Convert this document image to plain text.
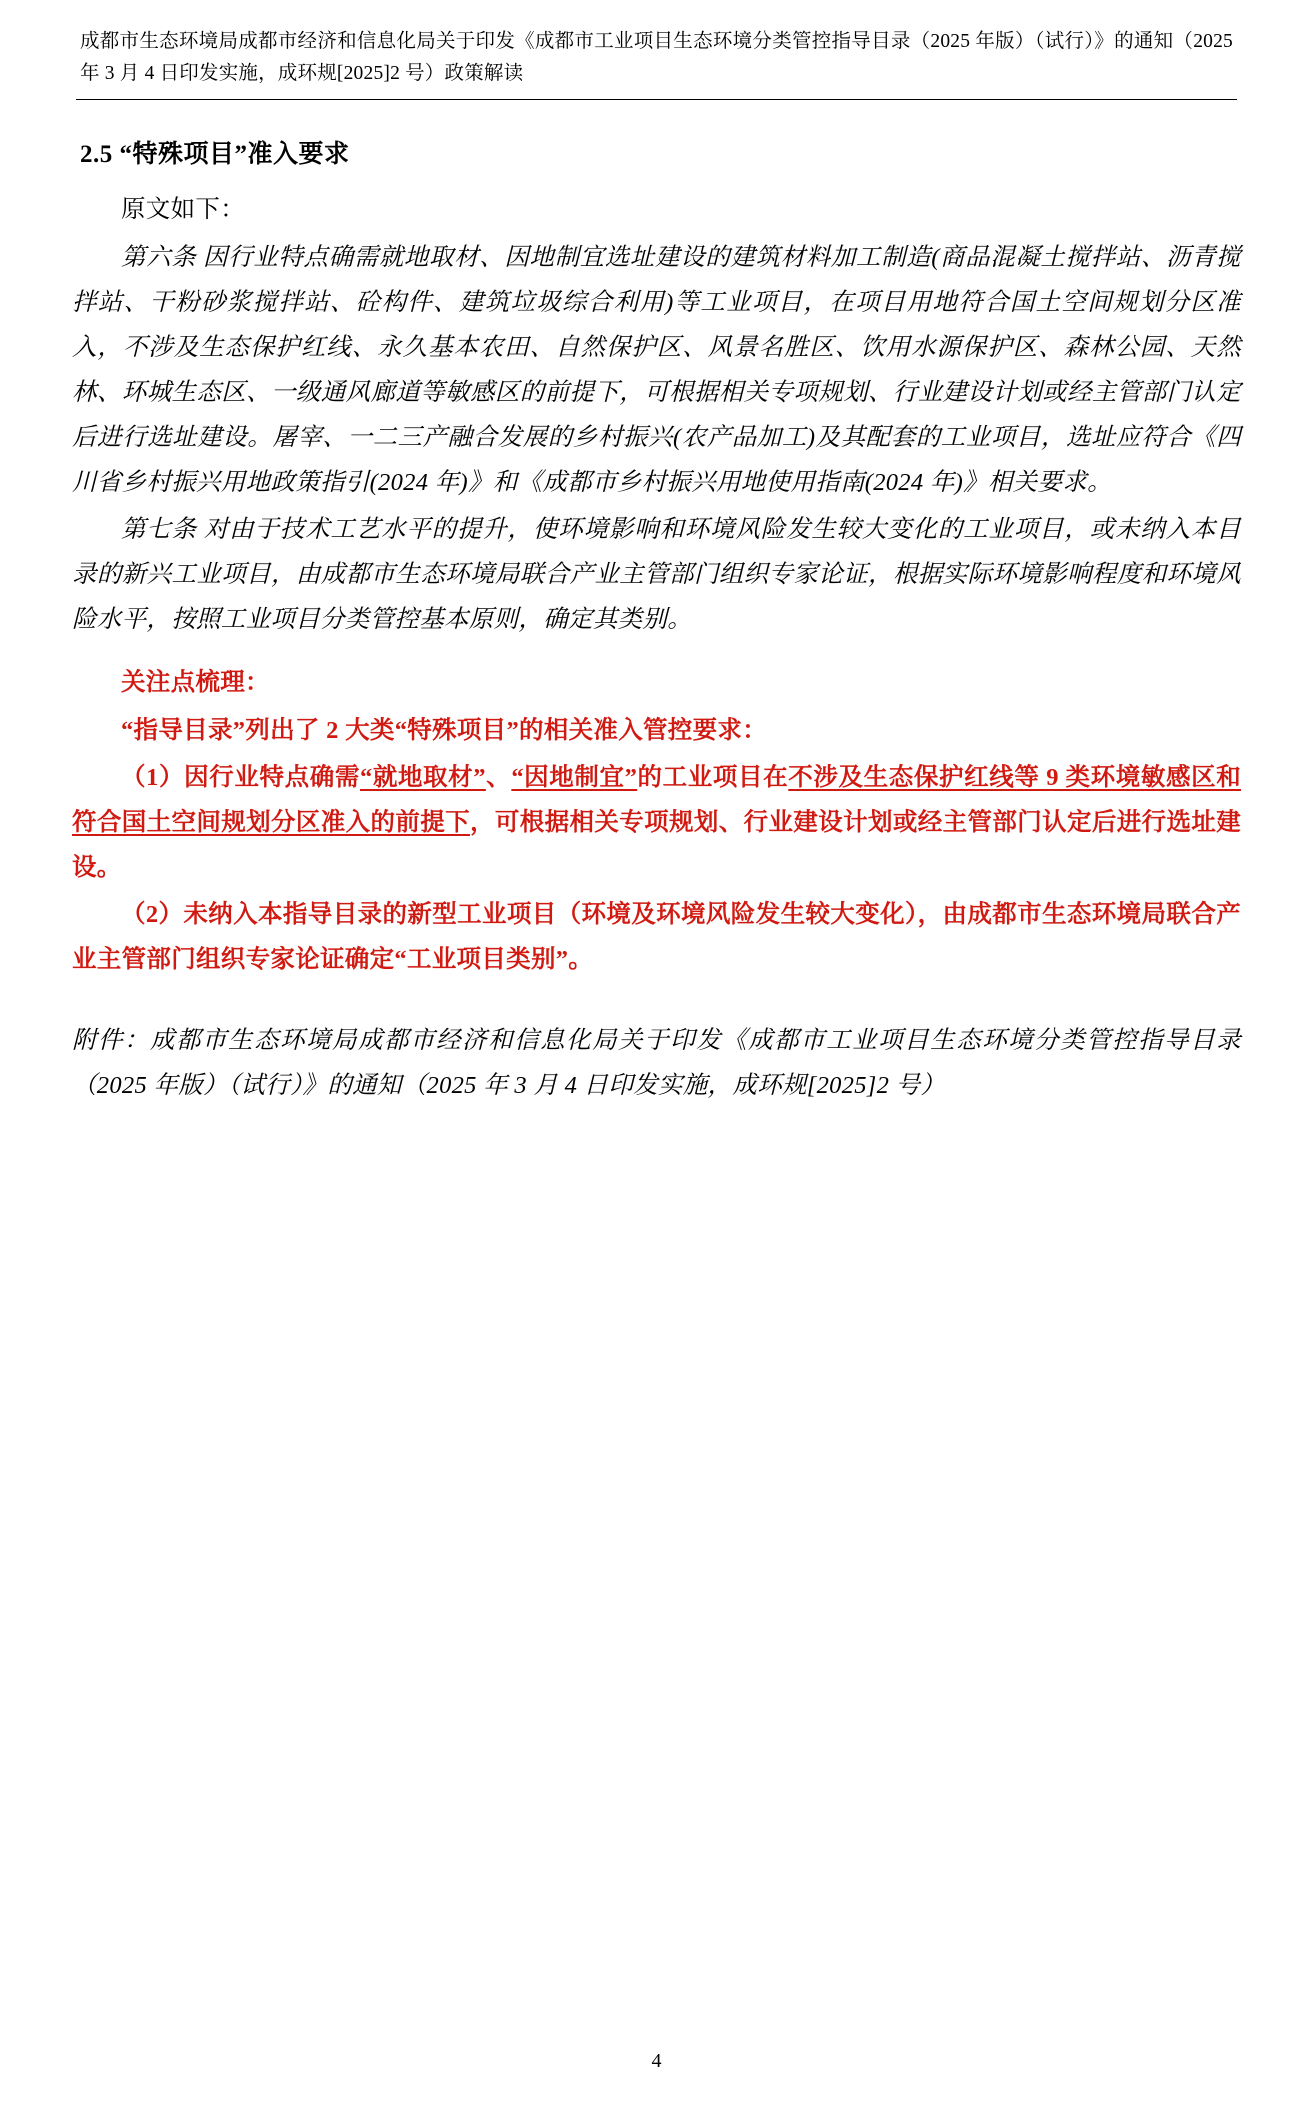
成都市生态环境局成都市经济和信息化局关于印发《成都市工业项目生态环境分类管控指导目录（2025 年版）（试行）》的通知（2025 年 3 月 4 日印发实施，成环规[2025]2 号）政策解读
2.5 “特殊项目”准入要求

原文如下：

第六条 因行业特点确需就地取材、因地制宜选址建设的建筑材料加工制造(商品混凝土搅拌站、沥青搅拌站、干粉砂浆搅拌站、砼构件、建筑垃圾综合利用)等工业项目，在项目用地符合国土空间规划分区准入，不涉及生态保护红线、永久基本农田、自然保护区、风景名胜区、饮用水源保护区、森林公园、天然林、环城生态区、一级通风廊道等敏感区的前提下，可根据相关专项规划、行业建设计划或经主管部门认定后进行选址建设。屠宰、一二三产融合发展的乡村振兴(农产品加工)及其配套的工业项目，选址应符合《四川省乡村振兴用地政策指引(2024 年)》和《成都市乡村振兴用地使用指南(2024 年)》相关要求。

第七条 对由于技术工艺水平的提升，使环境影响和环境风险发生较大变化的工业项目，或未纳入本目录的新兴工业项目，由成都市生态环境局联合产业主管部门组织专家论证，根据实际环境影响程度和环境风险水平，按照工业项目分类管控基本原则，确定其类别。

关注点梳理：

“指导目录”列出了 2 大类“特殊项目”的相关准入管控要求：

（1）因行业特点确需“就地取材”、“因地制宜”的工业项目在不涉及生态保护红线等 9 类环境敏感区和符合国土空间规划分区准入的前提下，可根据相关专项规划、行业建设计划或经主管部门认定后进行选址建设。

（2）未纳入本指导目录的新型工业项目（环境及环境风险发生较大变化），由成都市生态环境局联合产业主管部门组织专家论证确定“工业项目类别”。

附件：成都市生态环境局成都市经济和信息化局关于印发《成都市工业项目生态环境分类管控指导目录（2025 年版）（试行）》的通知（2025 年 3 月 4 日印发实施，成环规[2025]2 号）

4
